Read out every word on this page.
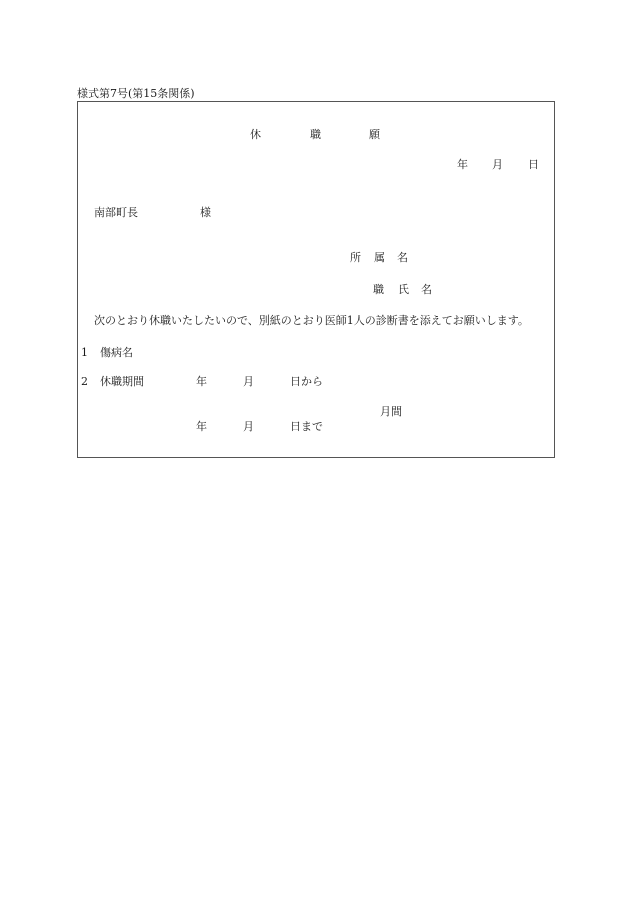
様式第7号(第15条関係)
休	職	願
年 月 日
南部町長	様
所 属 名
職 氏 名
次のとおり休職いたしたいので、別紙のとおり医師1人の診断書を添えてお願いします。
1 傷病名
2 休職期間	年	月	日から
月間
年	月	日まで
